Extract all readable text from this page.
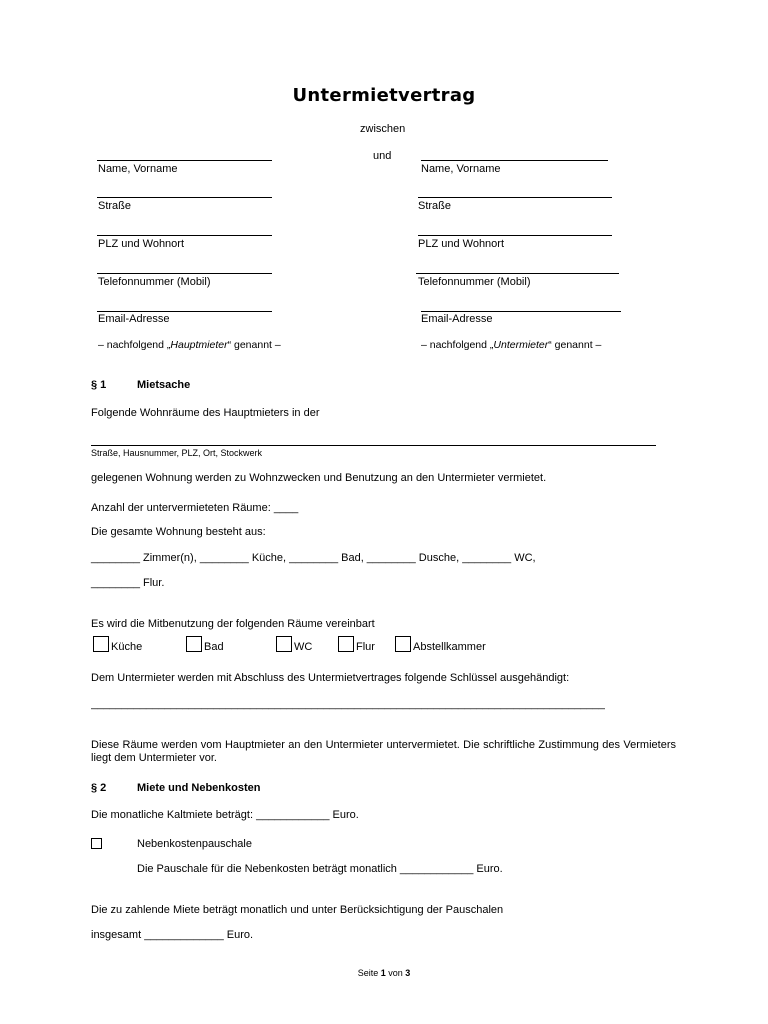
Untermietvertrag
zwischen
und
Name, Vorname	Name, Vorname
Straße	Straße
PLZ und Wohnort	PLZ und Wohnort
Telefonnummer (Mobil)	Telefonnummer (Mobil)
Email-Adresse	Email-Adresse
– nachfolgend „Hauptmieter“ genannt –	– nachfolgend „Untermieter“ genannt –
§ 1	Mietsache
Folgende Wohnräume des Hauptmieters in der
Straße, Hausnummer, PLZ, Ort, Stockwerk
gelegenen Wohnung werden zu Wohnzwecken und Benutzung an den Untermieter vermietet.
Anzahl der untervermieteten Räume: ____
Die gesamte Wohnung besteht aus:
________ Zimmer(n), ________ Küche, ________ Bad, ________ Dusche, ________ WC,
________ Flur.
Es wird die Mitbenutzung der folgenden Räume vereinbart
Küche	Bad	WC	Flur	Abstellkammer
Dem Untermieter werden mit Abschluss des Untermietvertrages folgende Schlüssel ausgehändigt:
____________________________________________________________________________________
Diese Räume werden vom Hauptmieter an den Untermieter untervermietet. Die schriftliche Zustimmung des Vermieters liegt dem Untermieter vor.
§ 2	Miete und Nebenkosten
Die monatliche Kaltmiete beträgt: ____________ Euro.
Nebenkostenpauschale
Die Pauschale für die Nebenkosten beträgt monatlich ____________ Euro.
Die zu zahlende Miete beträgt monatlich und unter Berücksichtigung der Pauschalen
insgesamt _____________ Euro.
Seite 1 von 3
